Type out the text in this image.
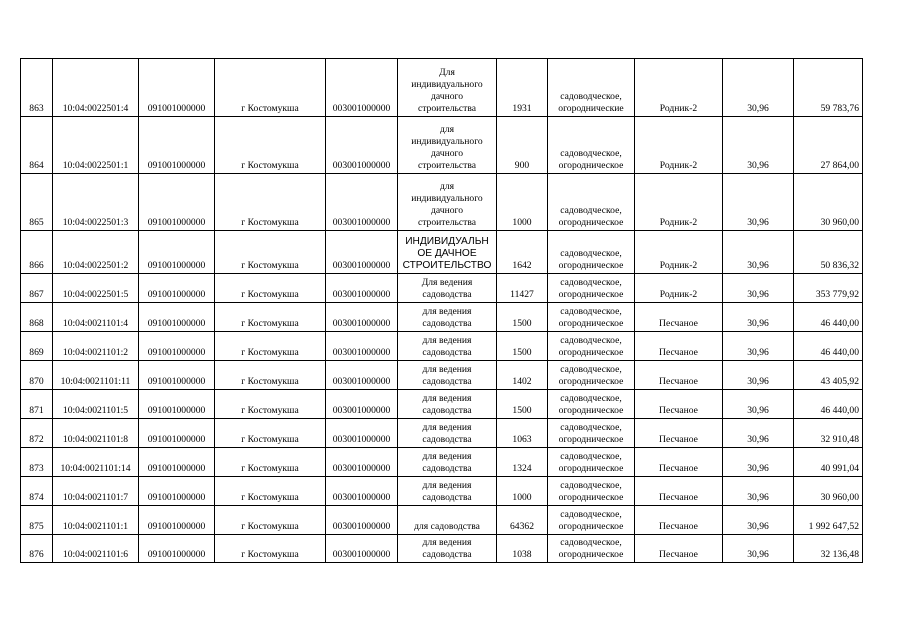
863	10:04:0022501:4	091001000000	г Костомукша	003001000000	Для
индивидуального
дачного
строительства	1931	садоводческое,
огороднические	Родник-2	30,96	59 783,76
864	10:04:0022501:1	091001000000	г Костомукша	003001000000	для
индивидуального
дачного
строительства	900	садоводческое,
огородническое	Родник-2	30,96	27 864,00
865	10:04:0022501:3	091001000000	г Костомукша	003001000000	для
индивидуального
дачного
строительства	1000	садоводческое,
огородническое	Родник-2	30,96	30 960,00
866	10:04:0022501:2	091001000000	г Костомукша	003001000000	ИНДИВИДУАЛЬН
ОЕ ДАЧНОЕ
СТРОИТЕЛЬСТВО	1642	садоводческое,
огородническое	Родник-2	30,96	50 836,32
867	10:04:0022501:5	091001000000	г Костомукша	003001000000	Для ведения
садоводства	11427	садоводческое,
огородническое	Родник-2	30,96	353 779,92
868	10:04:0021101:4	091001000000	г Костомукша	003001000000	для ведения
садоводства	1500	садоводческое,
огородническое	Песчаное	30,96	46 440,00
869	10:04:0021101:2	091001000000	г Костомукша	003001000000	для ведения
садоводства	1500	садоводческое,
огородническое	Песчаное	30,96	46 440,00
870	10:04:0021101:11	091001000000	г Костомукша	003001000000	для ведения
садоводства	1402	садоводческое,
огородническое	Песчаное	30,96	43 405,92
871	10:04:0021101:5	091001000000	г Костомукша	003001000000	для ведения
садоводства	1500	садоводческое,
огородническое	Песчаное	30,96	46 440,00
872	10:04:0021101:8	091001000000	г Костомукша	003001000000	для ведения
садоводства	1063	садоводческое,
огородническое	Песчаное	30,96	32 910,48
873	10:04:0021101:14	091001000000	г Костомукша	003001000000	для ведения
садоводства	1324	садоводческое,
огородническое	Песчаное	30,96	40 991,04
874	10:04:0021101:7	091001000000	г Костомукша	003001000000	для ведения
садоводства	1000	садоводческое,
огородническое	Песчаное	30,96	30 960,00
875	10:04:0021101:1	091001000000	г Костомукша	003001000000	для садоводства	64362	садоводческое,
огородническое	Песчаное	30,96	1 992 647,52
876	10:04:0021101:6	091001000000	г Костомукша	003001000000	для ведения
садоводства	1038	садоводческое,
огородническое	Песчаное	30,96	32 136,48
